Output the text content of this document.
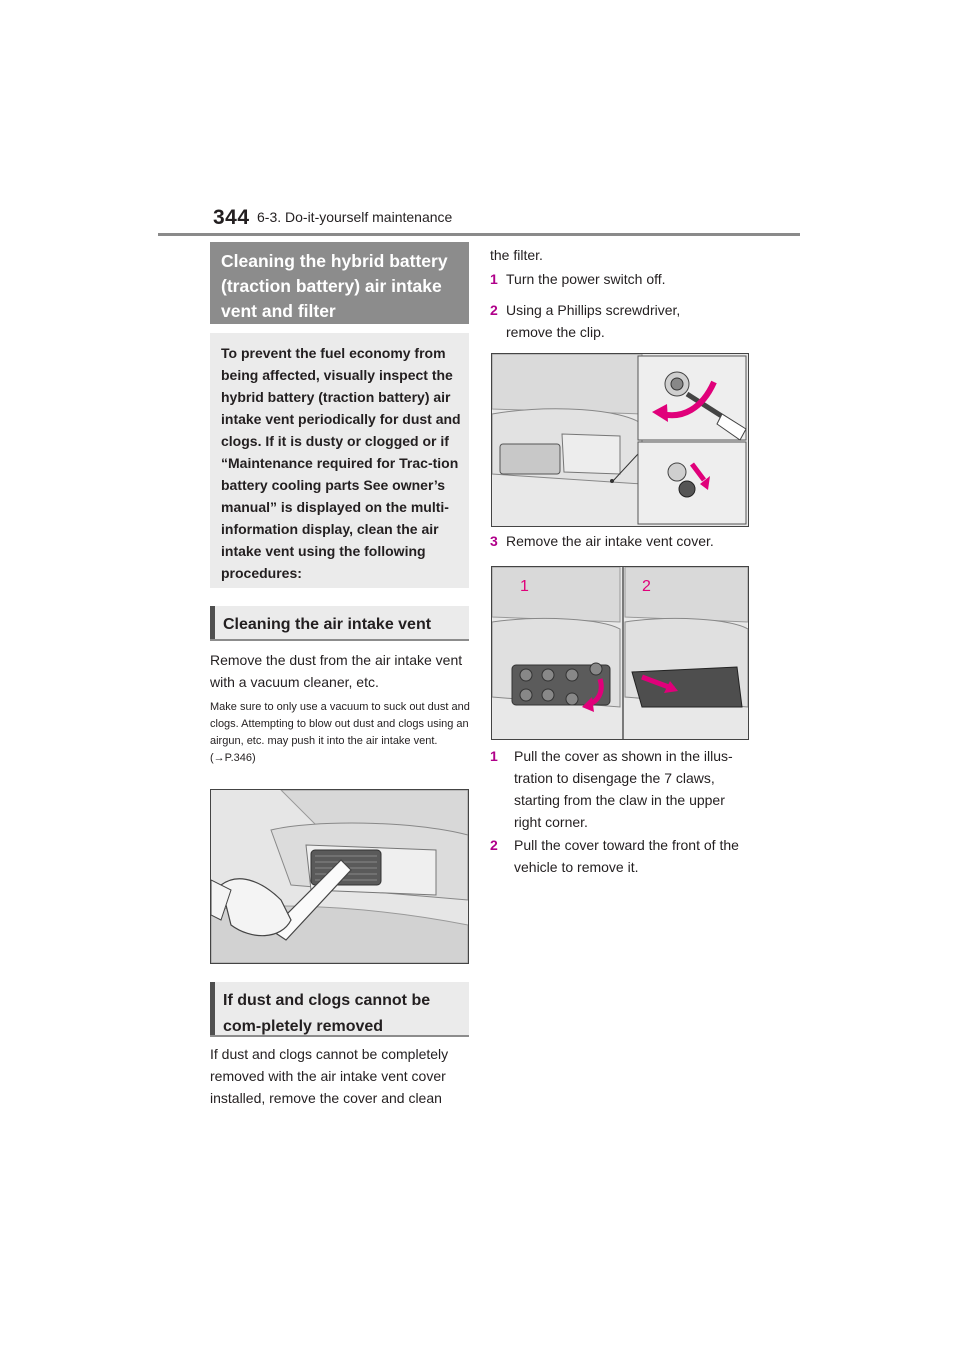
344 6-3. Do-it-yourself maintenance
Cleaning the hybrid battery (traction battery) air intake vent and filter
To prevent the fuel economy from being affected, visually inspect the hybrid battery (traction battery) air intake vent periodically for dust and clogs. If it is dusty or clogged or if “Maintenance required for Trac-tion battery cooling parts See owner’s manual” is displayed on the multi-information display, clean the air intake vent using the following procedures:
Cleaning the air intake vent
Remove the dust from the air intake vent with a vacuum cleaner, etc.
Make sure to only use a vacuum to suck out dust and clogs. Attempting to blow out dust and clogs using an airgun, etc. may push it into the air intake vent. (→P.346)
If dust and clogs cannot be com-pletely removed
If dust and clogs cannot be completely removed with the air intake vent cover installed, remove the cover and clean
the filter.
1 Turn the power switch off.
2 Using a Phillips screwdriver, remove the clip.
3 Remove the air intake vent cover.
1	2
1	Pull the cover as shown in the illus-tration to disengage the 7 claws, starting from the claw in the upper right corner.
2	Pull the cover toward the front of the vehicle to remove it.
